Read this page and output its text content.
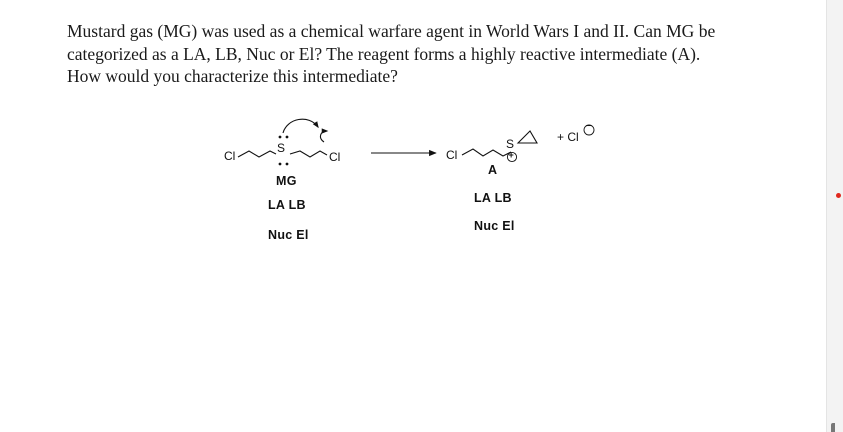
Mustard gas (MG) was used as a chemical warfare agent in World Wars I and II. Can MG be
categorized as a LA, LB, Nuc or El? The reagent forms a highly reactive intermediate (A).
How would you characterize this intermediate?

Cl
S
Cl
MG
LA LB
Nuc El
Cl
S
+
A
LA LB
Nuc El
+ Cl
−
